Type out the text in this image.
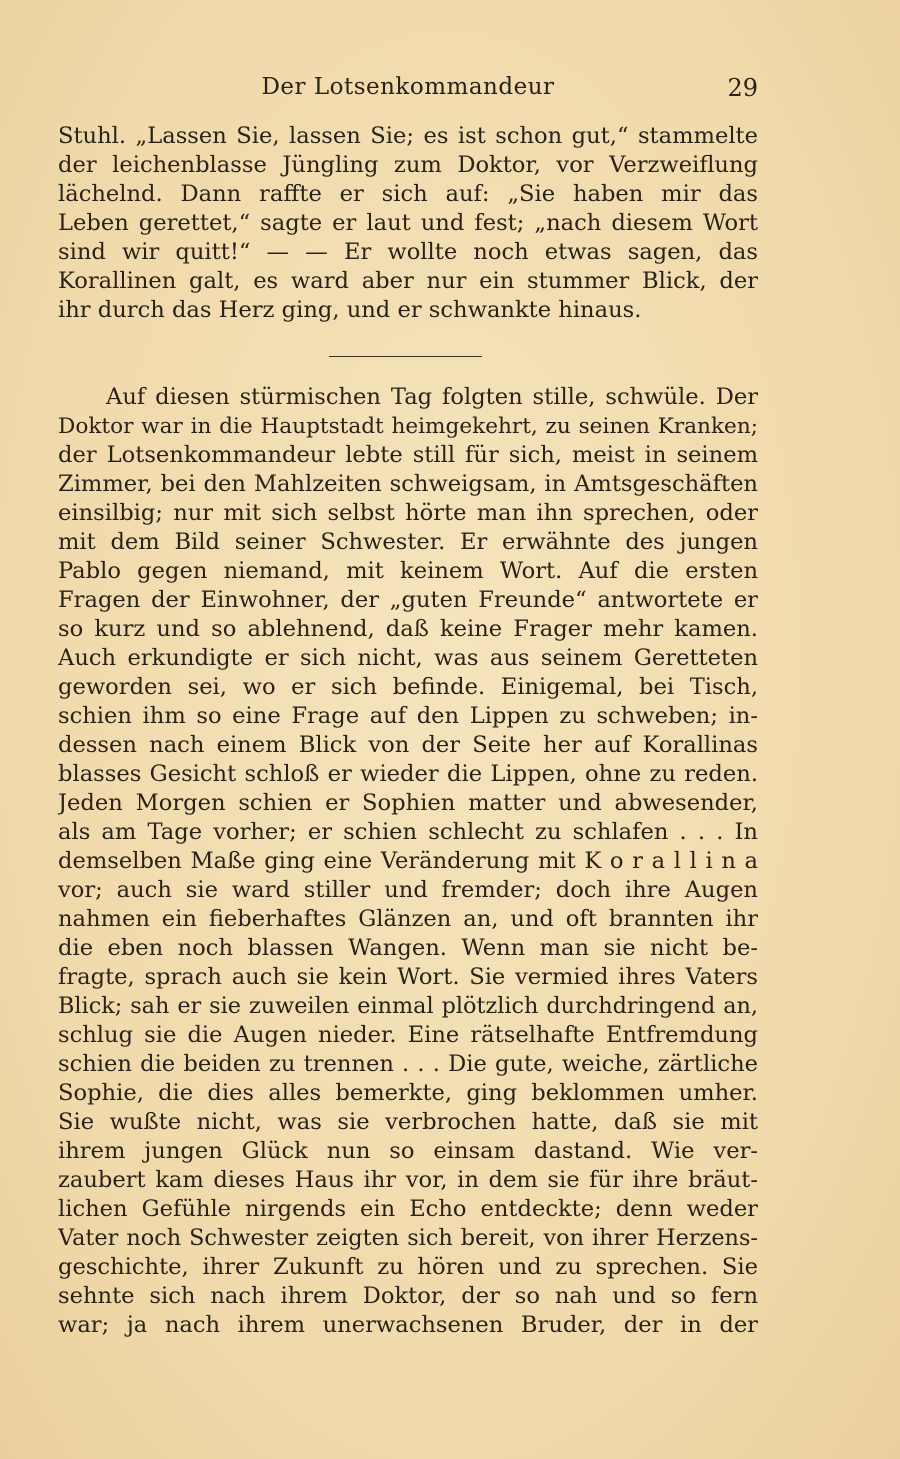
Der Lotsenkommandeur	29
Stuhl. „Lassen Sie, lassen Sie; es ist schon gut,“ stammelte
der leichenblasse Jüngling zum Doktor, vor Verzweiflung
lächelnd. Dann raffte er sich auf: „Sie haben mir das
Leben gerettet,“ sagte er laut und fest; „nach diesem Wort
sind wir quitt!“ — — Er wollte noch etwas sagen, das
Korallinen galt, es ward aber nur ein stummer Blick, der
ihr durch das Herz ging, und er schwankte hinaus.
Auf diesen stürmischen Tag folgten stille, schwüle. Der
Doktor war in die Hauptstadt heimgekehrt, zu seinen Kranken;
der Lotsenkommandeur lebte still für sich, meist in seinem
Zimmer, bei den Mahlzeiten schweigsam, in Amtsgeschäften
einsilbig; nur mit sich selbst hörte man ihn sprechen, oder
mit dem Bild seiner Schwester. Er erwähnte des jungen
Pablo gegen niemand, mit keinem Wort. Auf die ersten
Fragen der Einwohner, der „guten Freunde“ antwortete er
so kurz und so ablehnend, daß keine Frager mehr kamen.
Auch erkundigte er sich nicht, was aus seinem Geretteten
geworden sei, wo er sich befinde. Einigemal, bei Tisch,
schien ihm so eine Frage auf den Lippen zu schweben; in-
dessen nach einem Blick von der Seite her auf Korallinas
blasses Gesicht schloß er wieder die Lippen, ohne zu reden.
Jeden Morgen schien er Sophien matter und abwesender,
als am Tage vorher; er schien schlecht zu schlafen . . . In
demselben Maße ging eine Veränderung mit K o r a l l i n a
vor; auch sie ward stiller und fremder; doch ihre Augen
nahmen ein fieberhaftes Glänzen an, und oft brannten ihr
die eben noch blassen Wangen. Wenn man sie nicht be-
fragte, sprach auch sie kein Wort. Sie vermied ihres Vaters
Blick; sah er sie zuweilen einmal plötzlich durchdringend an,
schlug sie die Augen nieder. Eine rätselhafte Entfremdung
schien die beiden zu trennen . . . Die gute, weiche, zärtliche
Sophie, die dies alles bemerkte, ging beklommen umher.
Sie wußte nicht, was sie verbrochen hatte, daß sie mit
ihrem jungen Glück nun so einsam dastand. Wie ver-
zaubert kam dieses Haus ihr vor, in dem sie für ihre bräut-
lichen Gefühle nirgends ein Echo entdeckte; denn weder
Vater noch Schwester zeigten sich bereit, von ihrer Herzens-
geschichte, ihrer Zukunft zu hören und zu sprechen. Sie
sehnte sich nach ihrem Doktor, der so nah und so fern
war; ja nach ihrem unerwachsenen Bruder, der in der
